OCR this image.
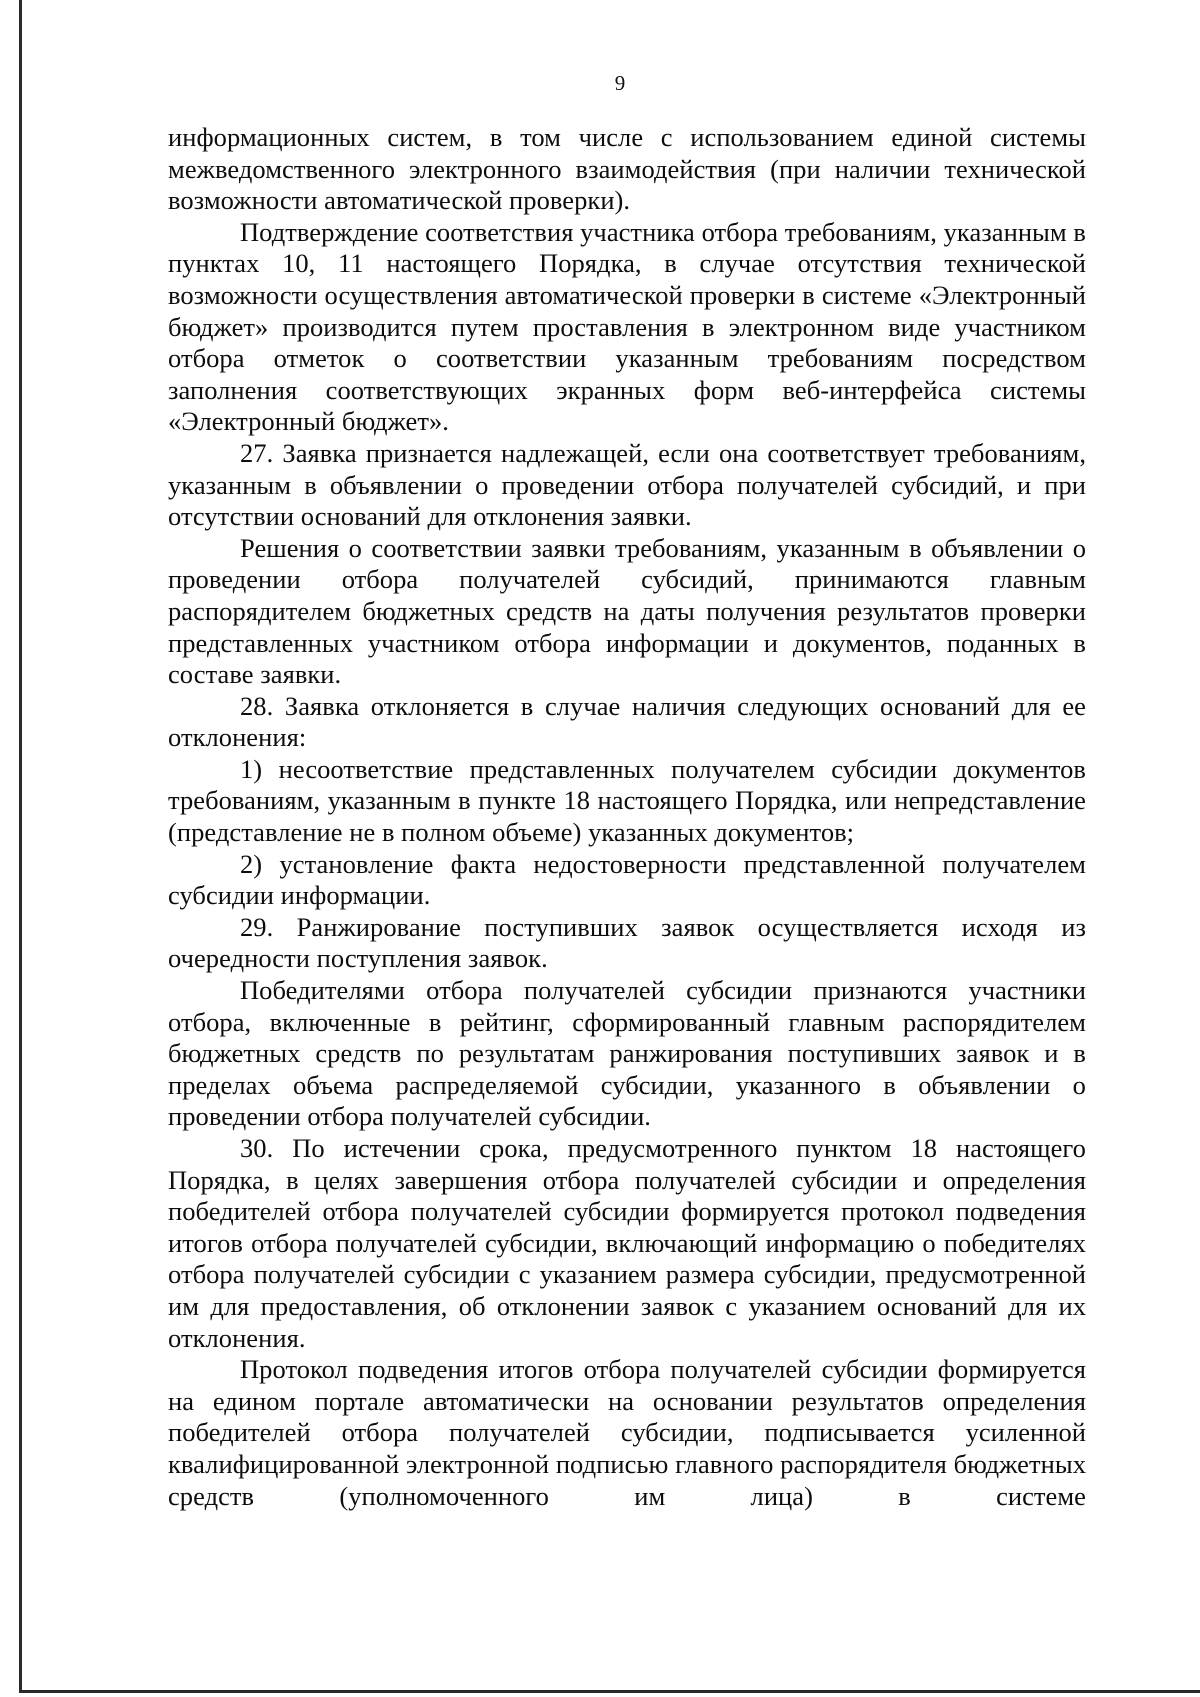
9

информационных систем, в том числе с использованием единой системы межведомственного электронного взаимодействия (при наличии технической возможности автоматической проверки).

Подтверждение соответствия участника отбора требованиям, указанным в пунктах 10, 11 настоящего Порядка, в случае отсутствия технической возможности осуществления автоматической проверки в системе «Электронный бюджет» производится путем проставления в электронном виде участником отбора отметок о соответствии указанным требованиям посредством заполнения соответствующих экранных форм веб-интерфейса системы «Электронный бюджет».

27. Заявка признается надлежащей, если она соответствует требованиям, указанным в объявлении о проведении отбора получателей субсидий, и при отсутствии оснований для отклонения заявки.

Решения о соответствии заявки требованиям, указанным в объявлении о проведении отбора получателей субсидий, принимаются главным распорядителем бюджетных средств на даты получения результатов проверки представленных участником отбора информации и документов, поданных в составе заявки.

28. Заявка отклоняется в случае наличия следующих оснований для ее отклонения:

1) несоответствие представленных получателем субсидии документов требованиям, указанным в пункте 18 настоящего Порядка, или непредставление (представление не в полном объеме) указанных документов;

2) установление факта недостоверности представленной получателем субсидии информации.

29. Ранжирование поступивших заявок осуществляется исходя из очередности поступления заявок.

Победителями отбора получателей субсидии признаются участники отбора, включенные в рейтинг, сформированный главным распорядителем бюджетных средств по результатам ранжирования поступивших заявок и в пределах объема распределяемой субсидии, указанного в объявлении о проведении отбора получателей субсидии.

30. По истечении срока, предусмотренного пунктом 18 настоящего Порядка, в целях завершения отбора получателей субсидии и определения победителей отбора получателей субсидии формируется протокол подведения итогов отбора получателей субсидии, включающий информацию о победителях отбора получателей субсидии с указанием размера субсидии, предусмотренной им для предоставления, об отклонении заявок с указанием оснований для их отклонения.

Протокол подведения итогов отбора получателей субсидии формируется на едином портале автоматически на основании результатов определения победителей отбора получателей субсидии, подписывается усиленной квалифицированной электронной подписью главного распорядителя бюджетных средств (уполномоченного им лица) в системе
